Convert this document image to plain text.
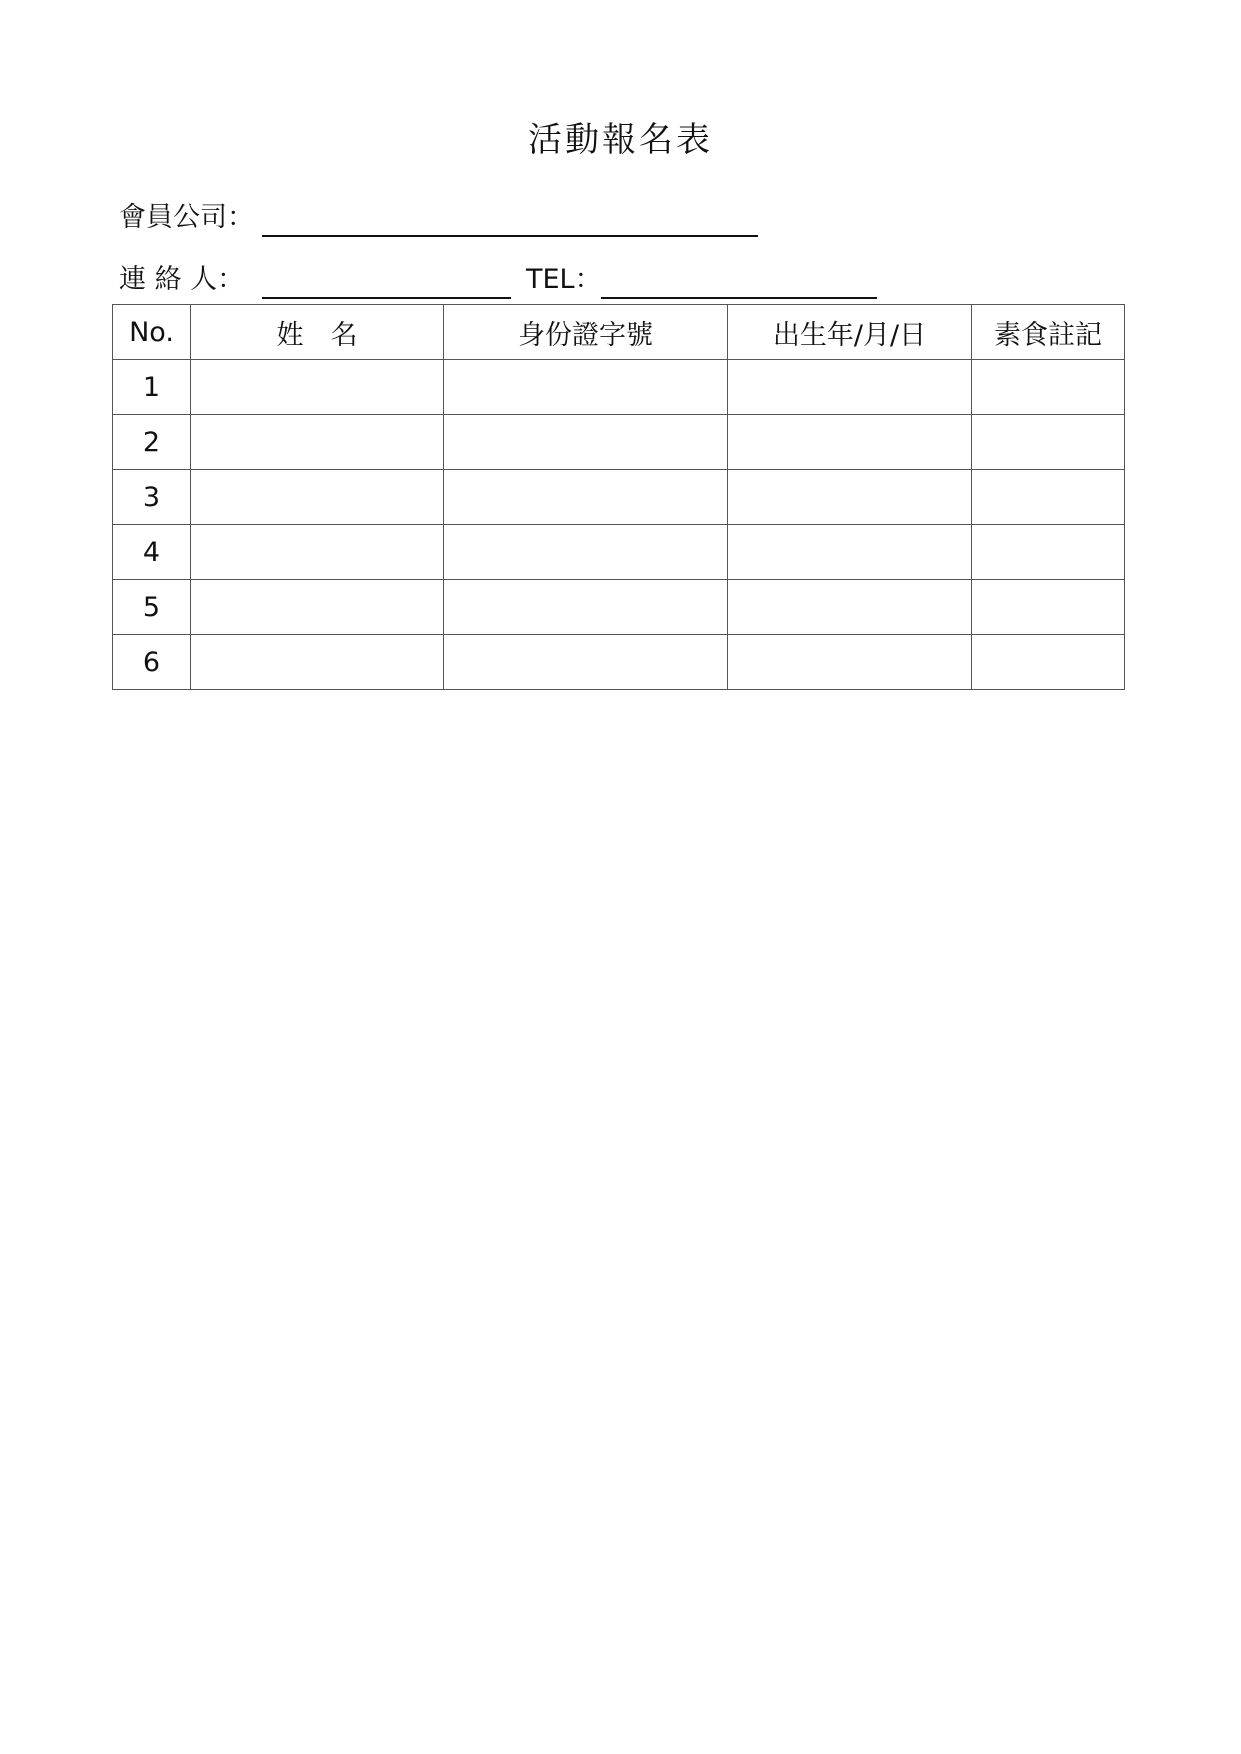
活動報名表
會員公司：
連 絡 人：	TEL：
No.	姓　名	身份證字號	出生年/月/日	素食註記
1				
2				
3				
4				
5				
6				
